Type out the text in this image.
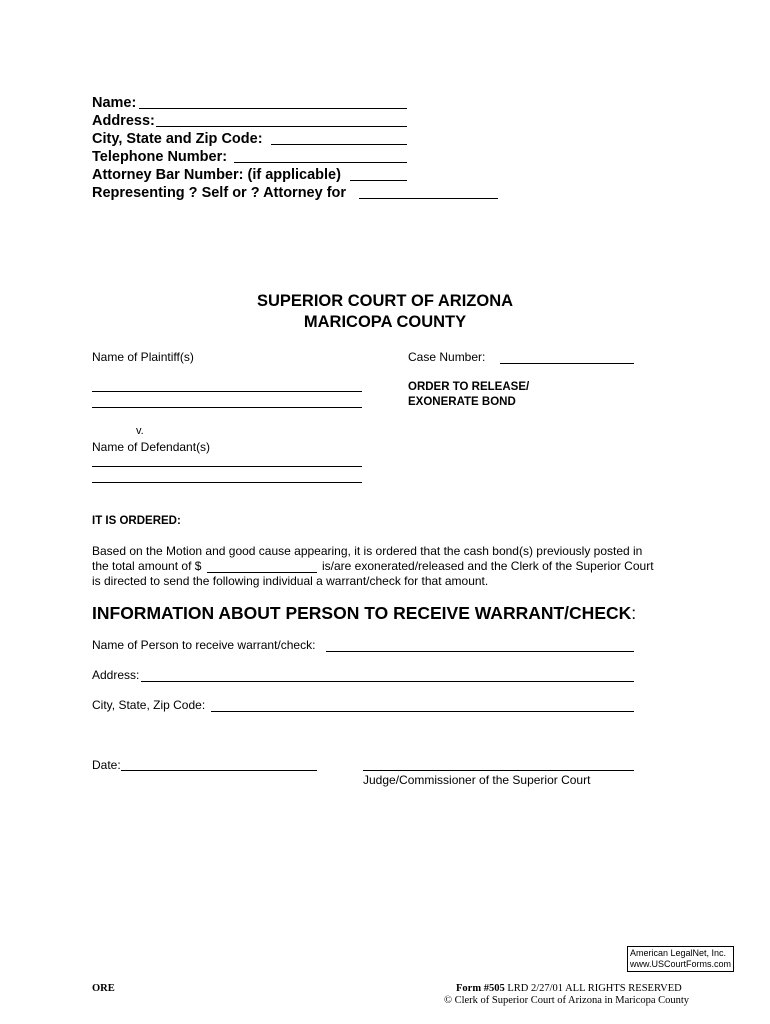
Name:
Address:
City, State and Zip Code:
Telephone Number:
Attorney Bar Number: (if applicable)
Representing ? Self or ? Attorney for
SUPERIOR COURT OF ARIZONA
MARICOPA COUNTY
Name of Plaintiff(s)	Case Number:
ORDER TO RELEASE/
EXONERATE BOND
v.
Name of Defendant(s)
IT IS ORDERED:
Based on the Motion and good cause appearing, it is ordered that the cash bond(s) previously posted in
the total amount of $	is/are exonerated/released and the Clerk of the Superior Court
is directed to send the following individual a warrant/check for that amount.
INFORMATION ABOUT PERSON TO RECEIVE WARRANT/CHECK:
Name of Person to receive warrant/check:
Address:
City, State, Zip Code:
Date:
Judge/Commissioner of the Superior Court
American LegalNet, Inc.
www.USCourtForms.com
ORE	Form #505 LRD 2/27/01 ALL RIGHTS RESERVED
© Clerk of Superior Court of Arizona in Maricopa County
